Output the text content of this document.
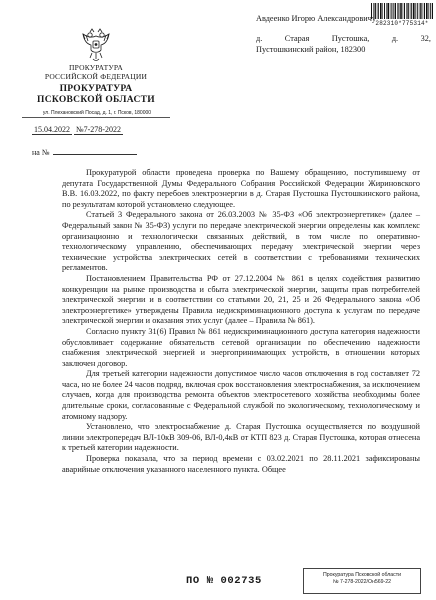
282310*775314*
ПРОКУРАТУРА
РОССИЙСКОЙ ФЕДЕРАЦИИ
ПРОКУРАТУРА
ПСКОВСКОЙ ОБЛАСТИ
ул. Плехановский Посад, д. 1, г. Псков, 180000
15.04.2022 №7-278-2022
на №
Авдеенко Игорю Александровичу
д.	Старая	Пустошка,	д.	32,
Пустошкинский район, 182300

Прокуратурой области проведена проверка по Вашему обращению, поступившему от депутата Государственной Думы Федерального Собрания Российской Федерации Жириновского В.В. 16.03.2022, по факту перебоев электроэнергии в д. Старая Пустошка Пустошкинского района, по результатам которой установлено следующее.

Статьей 3 Федерального закона от 26.03.2003 № 35-ФЗ «Об электроэнергетике» (далее – Федеральный закон № 35-ФЗ) услуги по передаче электрической энергии определены как комплекс организационно и технологически связанных действий, в том числе по оперативно-технологическому управлению, обеспечивающих передачу электрической энергии через технические устройства электрических сетей в соответствии с требованиями технических регламентов.

Постановлением Правительства РФ от 27.12.2004 № 861 в целях содействия развитию конкуренции на рынке производства и сбыта электрической энергии, защиты прав потребителей электрической энергии и в соответствии со статьями 20, 21, 25 и 26 Федерального закона «Об электроэнергетике» утверждены Правила недискриминационного доступа к услугам по передаче электрической энергии и оказания этих услуг (далее – Правила № 861).

Согласно пункту 31(6) Правил № 861 недискриминационного доступа категория надежности обусловливает содержание обязательств сетевой организации по обеспечению надежности снабжения электрической энергией и энергопринимающих устройств, в отношении которых заключен договор.

Для третьей категории надежности допустимое число часов отключения в год составляет 72 часа, но не более 24 часов подряд, включая срок восстановления электроснабжения, за исключением случаев, когда для производства ремонта объектов электросетевого хозяйства необходимы более длительные сроки, согласованные с Федеральной службой по экологическому, технологическому и атомному надзору.

Установлено, что электроснабжение д. Старая Пустошка осуществляется по воздушной линии электропередач ВЛ-10кВ 309-06, ВЛ-0,4кВ от КТП 823 д. Старая Пустошка, которая отнесена к третьей категории надежности.

Проверка показала, что за период времени с 03.02.2021 по 28.11.2021 зафиксированы аварийные отключения указанного населенного пункта. Общее

ПО № 002735	Прокуратура Псковской области
№ 7-278-2022/Он569-22
